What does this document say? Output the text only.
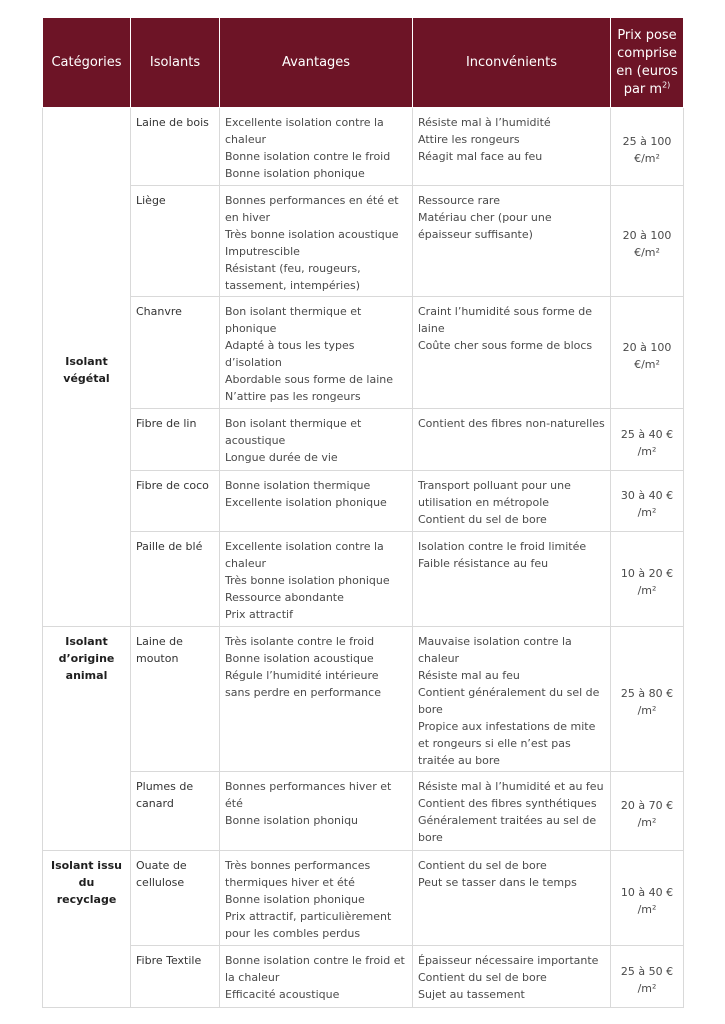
Catégories	Isolants	Avantages	Inconvénients	Prix pose comprise en (euros par $m^{2)}$
Isolant végétal	Laine de bois	Excellente isolation contre la chaleur
Bonne isolation contre le froid
Bonne isolation phonique	Résiste mal à l’humidité
Attire les rongeurs
Réagit mal face au feu	25 à 100 €/m²
	Liège	Bonnes performances en été et en hiver
Très bonne isolation acoustique
Imputrescible
Résistant (feu, rougeurs, tassement, intempéries)	Ressource rare
Matériau cher (pour une épaisseur suffisante)	20 à 100 €/m²
	Chanvre	Bon isolant thermique et phonique
Adapté à tous les types d’isolation
Abordable sous forme de laine
N’attire pas les rongeurs	Craint l’humidité sous forme de laine
Coûte cher sous forme de blocs	20 à 100 €/m²
	Fibre de lin	Bon isolant thermique et acoustique
Longue durée de vie	Contient des fibres non-naturelles	25 à 40 € /m²
	Fibre de coco	Bonne isolation thermique
Excellente isolation phonique	Transport polluant pour une utilisation en métropole
Contient du sel de bore	30 à 40 € /m²
	Paille de blé	Excellente isolation contre la chaleur
Très bonne isolation phonique
Ressource abondante
Prix attractif	Isolation contre le froid limitée
Faible résistance au feu	10 à 20 € /m²
Isolant d’origine animal	Laine de mouton	Très isolante contre le froid
Bonne isolation acoustique
Régule l’humidité intérieure sans perdre en performance	Mauvaise isolation contre la chaleur
Résiste mal au feu
Contient généralement du sel de bore
Propice aux infestations de mite et rongeurs si elle n’est pas traitée au bore	25 à 80 € /m²
	Plumes de canard	Bonnes performances hiver et été
Bonne isolation phoniqu	Résiste mal à l’humidité et au feu
Contient des fibres synthétiques
Généralement traitées au sel de bore	20 à 70 € /m²
Isolant issu du recyclage	Ouate de cellulose	Très bonnes performances thermiques hiver et été
Bonne isolation phonique
Prix attractif, particulièrement pour les combles perdus	Contient du sel de bore
Peut se tasser dans le temps	10 à 40 € /m²
	Fibre Textile	Bonne isolation contre le froid et la chaleur
Efficacité acoustique	Épaisseur nécessaire importante
Contient du sel de bore
Sujet au tassement	25 à 50 € /m²
